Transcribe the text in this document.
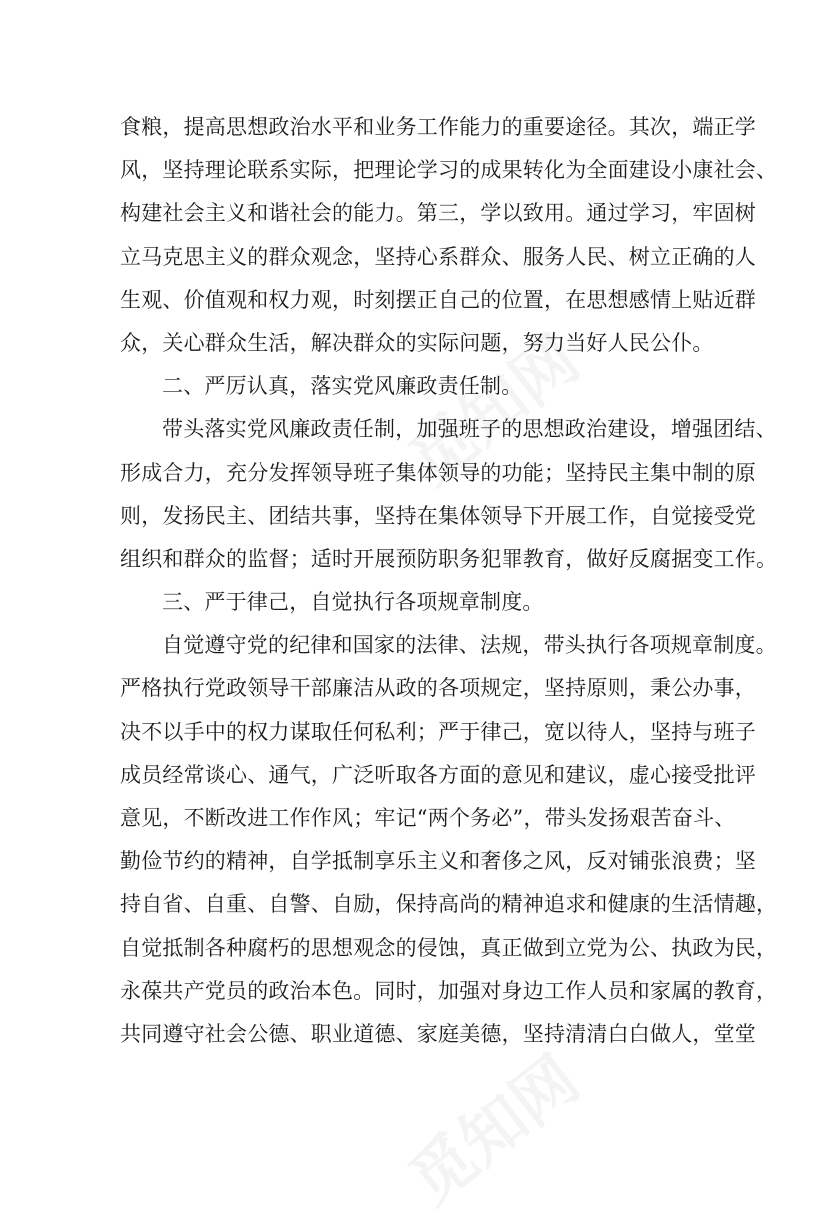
食粮，提高思想政治水平和业务工作能力的重要途径。其次，端正学
风，坚持理论联系实际，把理论学习的成果转化为全面建设小康社会、
构建社会主义和谐社会的能力。第三，学以致用。通过学习，牢固树
立马克思主义的群众观念，坚持心系群众、服务人民、树立正确的人
生观、价值观和权力观，时刻摆正自己的位置，在思想感情上贴近群
众，关心群众生活，解决群众的实际问题，努力当好人民公仆。
二、严厉认真，落实党风廉政责任制。
带头落实党风廉政责任制，加强班子的思想政治建设，增强团结、
形成合力，充分发挥领导班子集体领导的功能；坚持民主集中制的原
则，发扬民主、团结共事，坚持在集体领导下开展工作，自觉接受党
组织和群众的监督；适时开展预防职务犯罪教育，做好反腐据变工作。
三、严于律己，自觉执行各项规章制度。
自觉遵守党的纪律和国家的法律、法规，带头执行各项规章制度。
严格执行党政领导干部廉洁从政的各项规定，坚持原则，秉公办事，
决不以手中的权力谋取任何私利；严于律己，宽以待人，坚持与班子
成员经常谈心、通气，广泛听取各方面的意见和建议，虚心接受批评
意见，不断改进工作作风；牢记“两个务必”，带头发扬艰苦奋斗、
勤俭节约的精神，自学抵制享乐主义和奢侈之风，反对铺张浪费；坚
持自省、自重、自警、自励，保持高尚的精神追求和健康的生活情趣，
自觉抵制各种腐朽的思想观念的侵蚀，真正做到立党为公、执政为民，
永葆共产党员的政治本色。同时，加强对身边工作人员和家属的教育，
共同遵守社会公德、职业道德、家庭美德，坚持清清白白做人，堂堂
